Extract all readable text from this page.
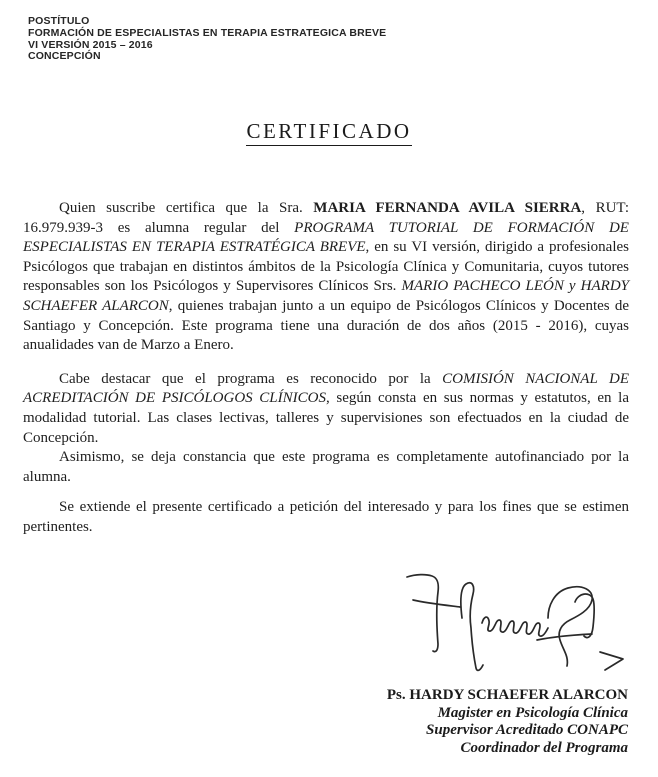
POSTÍTULO
FORMACIÓN DE ESPECIALISTAS EN TERAPIA ESTRATEGICA BREVE
VI VERSIÓN 2015 – 2016
CONCEPCIÓN
CERTIFICADO

Quien suscribe certifica que la Sra. MARIA FERNANDA AVILA SIERRA, RUT: 16.979.939-3 es alumna regular del PROGRAMA TUTORIAL DE FORMACIÓN DE ESPECIALISTAS EN TERAPIA ESTRATÉGICA BREVE, en su VI versión, dirigido a profesionales Psicólogos que trabajan en distintos ámbitos de la Psicología Clínica y Comunitaria, cuyos tutores responsables son los Psicólogos y Supervisores Clínicos Srs. MARIO PACHECO LEÓN y HARDY SCHAEFER ALARCON, quienes trabajan junto a un equipo de Psicólogos Clínicos y Docentes de Santiago y Concepción. Este programa tiene una duración de dos años (2015 - 2016), cuyas anualidades van de Marzo a Enero.

Cabe destacar que el programa es reconocido por la COMISIÓN NACIONAL DE ACREDITACIÓN DE PSICÓLOGOS CLÍNICOS, según consta en sus normas y estatutos, en la modalidad tutorial. Las clases lectivas, talleres y supervisiones son efectuados en la ciudad de Concepción.

Asimismo, se deja constancia que este programa es completamente autofinanciado por la alumna.

Se extiende el presente certificado a petición del interesado y para los fines que se estimen pertinentes.

Ps. HARDY SCHAEFER ALARCON
Magister en Psicología Clínica
Supervisor Acreditado CONAPC
Coordinador del Programa
